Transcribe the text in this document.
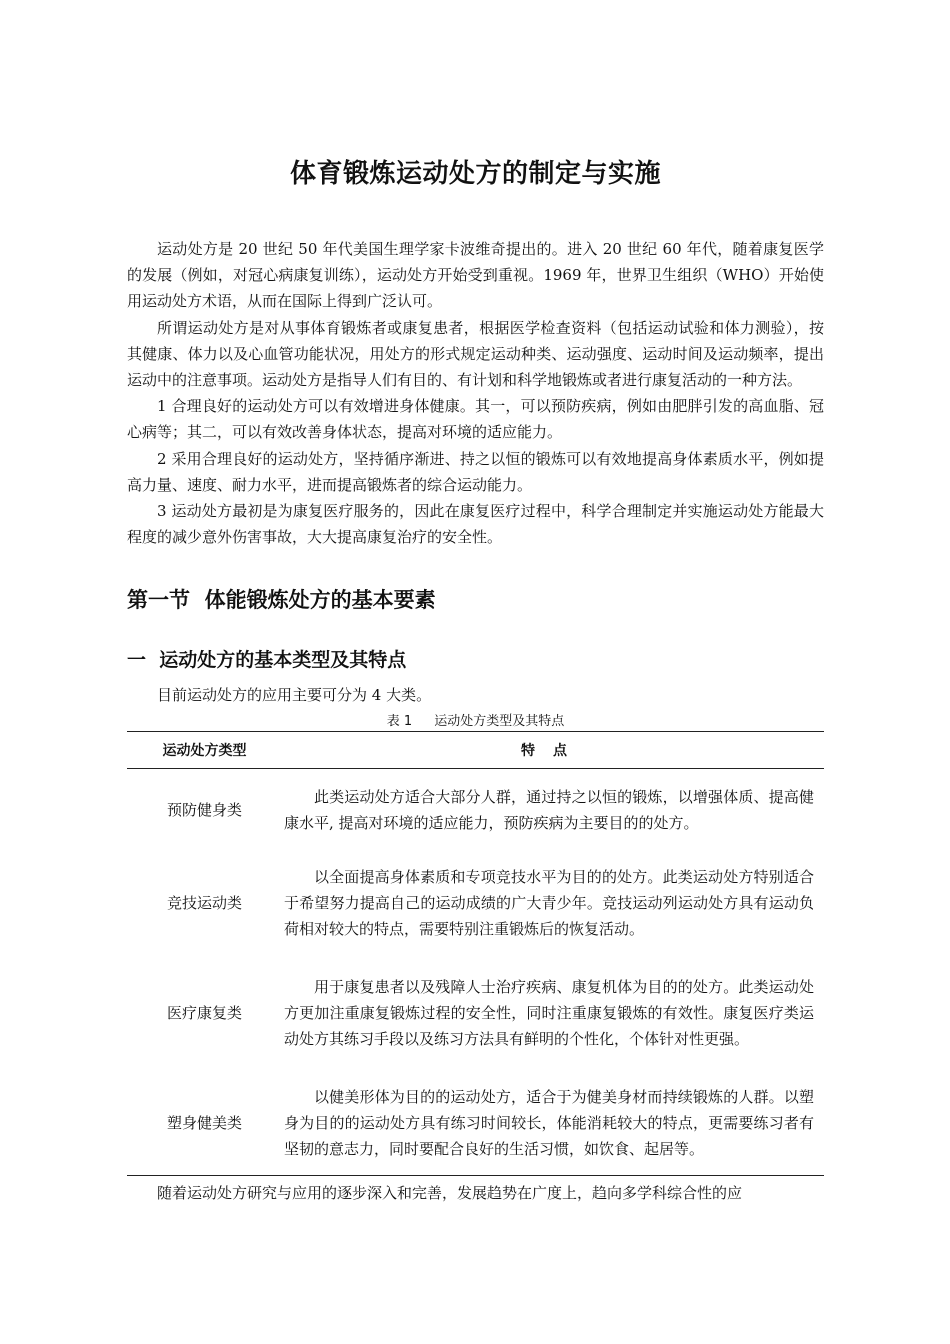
体育锻炼运动处方的制定与实施

运动处方是 20 世纪 50 年代美国生理学家卡波维奇提出的。进入 20 世纪 60 年代，随着康复医学的发展（例如，对冠心病康复训练），运动处方开始受到重视。1969 年，世界卫生组织（WHO）开始使用运动处方术语，从而在国际上得到广泛认可。

所谓运动处方是对从事体育锻炼者或康复患者，根据医学检查资料（包括运动试验和体力测验），按其健康、体力以及心血管功能状况，用处方的形式规定运动种类、运动强度、运动时间及运动频率，提出运动中的注意事项。运动处方是指导人们有目的、有计划和科学地锻炼或者进行康复活动的一种方法。

1 合理良好的运动处方可以有效增进身体健康。其一，可以预防疾病，例如由肥胖引发的高血脂、冠心病等；其二，可以有效改善身体状态，提高对环境的适应能力。

2 采用合理良好的运动处方，坚持循序渐进、持之以恒的锻炼可以有效地提高身体素质水平，例如提高力量、速度、耐力水平，进而提高锻炼者的综合运动能力。

3 运动处方最初是为康复医疗服务的，因此在康复医疗过程中，科学合理制定并实施运动处方能最大程度的减少意外伤害事故，大大提高康复治疗的安全性。

第一节  体能锻炼处方的基本要素
一  运动处方的基本类型及其特点

目前运动处方的应用主要可分为 4 大类。

表 1 运动处方类型及其特点

运动处方类型	特点
预防健身类	此类运动处方适合大部分人群，通过持之以恒的锻炼，以增强体质、提高健康水平, 提高对环境的适应能力，预防疾病为主要目的的处方。
竞技运动类	以全面提高身体素质和专项竞技水平为目的的处方。此类运动处方特别适合于希望努力提高自己的运动成绩的广大青少年。竞技运动列运动处方具有运动负荷相对较大的特点，需要特别注重锻炼后的恢复活动。
医疗康复类	用于康复患者以及残障人士治疗疾病、康复机体为目的的处方。此类运动处方更加注重康复锻炼过程的安全性，同时注重康复锻炼的有效性。康复医疗类运动处方其练习手段以及练习方法具有鲜明的个性化，个体针对性更强。
塑身健美类	以健美形体为目的的运动处方，适合于为健美身材而持续锻炼的人群。以塑身为目的的运动处方具有练习时间较长，体能消耗较大的特点，更需要练习者有坚韧的意志力，同时要配合良好的生活习惯，如饮食、起居等。

随着运动处方研究与应用的逐步深入和完善，发展趋势在广度上，趋向多学科综合性的应
